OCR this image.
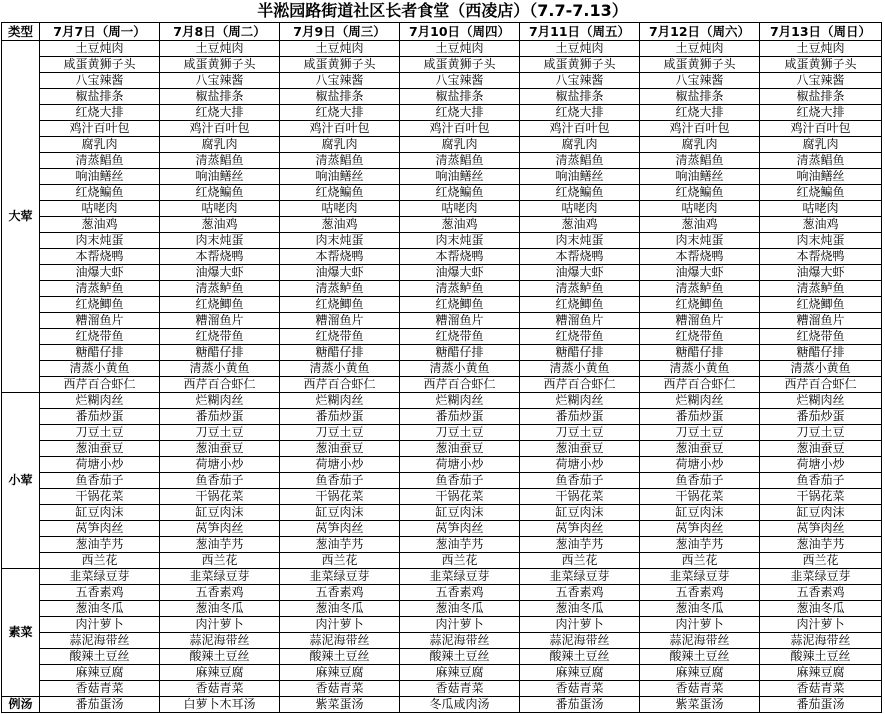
半淞园路街道社区长者食堂（西凌店）（7.7-7.13）
类型	7月7日（周一）	7月8日（周二）	7月9日（周三）	7月10日（周四）	7月11日（周五）	7月12日（周六）	7月13日（周日）
大荤	土豆炖肉	土豆炖肉	土豆炖肉	土豆炖肉	土豆炖肉	土豆炖肉	土豆炖肉
	咸蛋黄狮子头	咸蛋黄狮子头	咸蛋黄狮子头	咸蛋黄狮子头	咸蛋黄狮子头	咸蛋黄狮子头	咸蛋黄狮子头
	八宝辣酱	八宝辣酱	八宝辣酱	八宝辣酱	八宝辣酱	八宝辣酱	八宝辣酱
	椒盐排条	椒盐排条	椒盐排条	椒盐排条	椒盐排条	椒盐排条	椒盐排条
	红烧大排	红烧大排	红烧大排	红烧大排	红烧大排	红烧大排	红烧大排
	鸡汁百叶包	鸡汁百叶包	鸡汁百叶包	鸡汁百叶包	鸡汁百叶包	鸡汁百叶包	鸡汁百叶包
	腐乳肉	腐乳肉	腐乳肉	腐乳肉	腐乳肉	腐乳肉	腐乳肉
	清蒸鲳鱼	清蒸鲳鱼	清蒸鲳鱼	清蒸鲳鱼	清蒸鲳鱼	清蒸鲳鱼	清蒸鲳鱼
	响油鳝丝	响油鳝丝	响油鳝丝	响油鳝丝	响油鳝丝	响油鳝丝	响油鳝丝
	红烧鳊鱼	红烧鳊鱼	红烧鳊鱼	红烧鳊鱼	红烧鳊鱼	红烧鳊鱼	红烧鳊鱼
	咕咾肉	咕咾肉	咕咾肉	咕咾肉	咕咾肉	咕咾肉	咕咾肉
	葱油鸡	葱油鸡	葱油鸡	葱油鸡	葱油鸡	葱油鸡	葱油鸡
	肉末炖蛋	肉末炖蛋	肉末炖蛋	肉末炖蛋	肉末炖蛋	肉末炖蛋	肉末炖蛋
	本帮烧鸭	本帮烧鸭	本帮烧鸭	本帮烧鸭	本帮烧鸭	本帮烧鸭	本帮烧鸭
	油爆大虾	油爆大虾	油爆大虾	油爆大虾	油爆大虾	油爆大虾	油爆大虾
	清蒸鲈鱼	清蒸鲈鱼	清蒸鲈鱼	清蒸鲈鱼	清蒸鲈鱼	清蒸鲈鱼	清蒸鲈鱼
	红烧鲫鱼	红烧鲫鱼	红烧鲫鱼	红烧鲫鱼	红烧鲫鱼	红烧鲫鱼	红烧鲫鱼
	糟溜鱼片	糟溜鱼片	糟溜鱼片	糟溜鱼片	糟溜鱼片	糟溜鱼片	糟溜鱼片
	红烧带鱼	红烧带鱼	红烧带鱼	红烧带鱼	红烧带鱼	红烧带鱼	红烧带鱼
	糖醋仔排	糖醋仔排	糖醋仔排	糖醋仔排	糖醋仔排	糖醋仔排	糖醋仔排
	清蒸小黄鱼	清蒸小黄鱼	清蒸小黄鱼	清蒸小黄鱼	清蒸小黄鱼	清蒸小黄鱼	清蒸小黄鱼
	西芹百合虾仁	西芹百合虾仁	西芹百合虾仁	西芹百合虾仁	西芹百合虾仁	西芹百合虾仁	西芹百合虾仁
小荤	烂糊肉丝	烂糊肉丝	烂糊肉丝	烂糊肉丝	烂糊肉丝	烂糊肉丝	烂糊肉丝
	番茄炒蛋	番茄炒蛋	番茄炒蛋	番茄炒蛋	番茄炒蛋	番茄炒蛋	番茄炒蛋
	刀豆土豆	刀豆土豆	刀豆土豆	刀豆土豆	刀豆土豆	刀豆土豆	刀豆土豆
	葱油蚕豆	葱油蚕豆	葱油蚕豆	葱油蚕豆	葱油蚕豆	葱油蚕豆	葱油蚕豆
	荷塘小炒	荷塘小炒	荷塘小炒	荷塘小炒	荷塘小炒	荷塘小炒	荷塘小炒
	鱼香茄子	鱼香茄子	鱼香茄子	鱼香茄子	鱼香茄子	鱼香茄子	鱼香茄子
	干锅花菜	干锅花菜	干锅花菜	干锅花菜	干锅花菜	干锅花菜	干锅花菜
	缸豆肉沫	缸豆肉沫	缸豆肉沫	缸豆肉沫	缸豆肉沫	缸豆肉沫	缸豆肉沫
	莴笋肉丝	莴笋肉丝	莴笋肉丝	莴笋肉丝	莴笋肉丝	莴笋肉丝	莴笋肉丝
	葱油芋艿	葱油芋艿	葱油芋艿	葱油芋艿	葱油芋艿	葱油芋艿	葱油芋艿
	西兰花	西兰花	西兰花	西兰花	西兰花	西兰花	西兰花
素菜	韭菜绿豆芽	韭菜绿豆芽	韭菜绿豆芽	韭菜绿豆芽	韭菜绿豆芽	韭菜绿豆芽	韭菜绿豆芽
	五香素鸡	五香素鸡	五香素鸡	五香素鸡	五香素鸡	五香素鸡	五香素鸡
	葱油冬瓜	葱油冬瓜	葱油冬瓜	葱油冬瓜	葱油冬瓜	葱油冬瓜	葱油冬瓜
	肉汁萝卜	肉汁萝卜	肉汁萝卜	肉汁萝卜	肉汁萝卜	肉汁萝卜	肉汁萝卜
	蒜泥海带丝	蒜泥海带丝	蒜泥海带丝	蒜泥海带丝	蒜泥海带丝	蒜泥海带丝	蒜泥海带丝
	酸辣土豆丝	酸辣土豆丝	酸辣土豆丝	酸辣土豆丝	酸辣土豆丝	酸辣土豆丝	酸辣土豆丝
	麻辣豆腐	麻辣豆腐	麻辣豆腐	麻辣豆腐	麻辣豆腐	麻辣豆腐	麻辣豆腐
	香菇青菜	香菇青菜	香菇青菜	香菇青菜	香菇青菜	香菇青菜	香菇青菜
例汤	番茄蛋汤	白萝卜木耳汤	紫菜蛋汤	冬瓜咸肉汤	番茄蛋汤	紫菜蛋汤	番茄蛋汤
